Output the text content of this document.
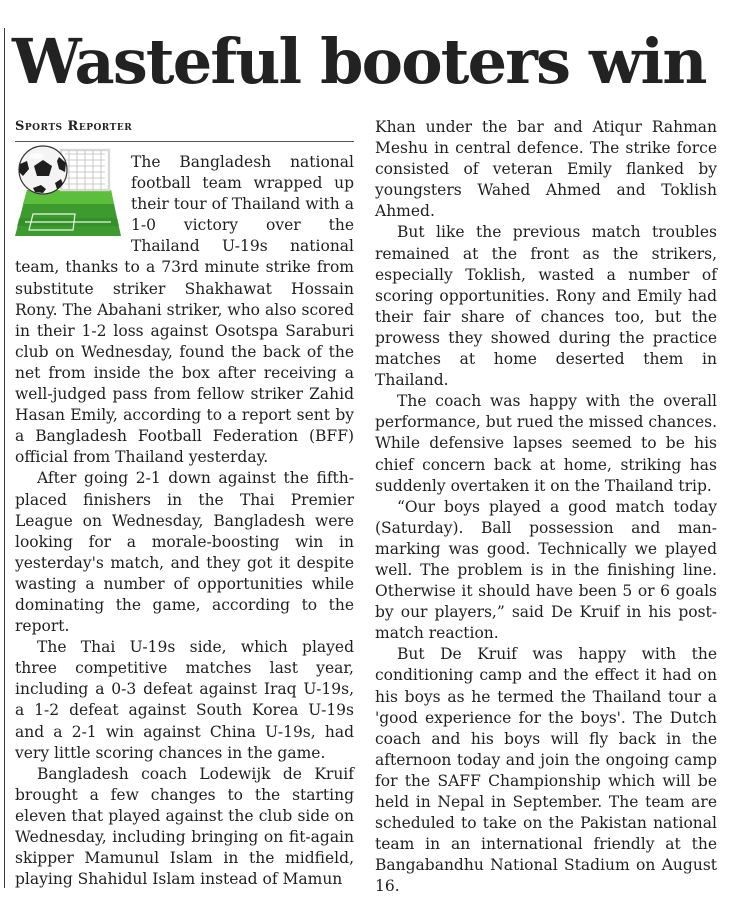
Wasteful booters win
Sports Reporter

The Bangladesh national football team wrapped up their tour of Thailand with a 1-0 victory over the Thailand U-19s national team, thanks to a 73rd minute strike from substitute striker Shakhawat Hossain Rony. The Abahani striker, who also scored in their 1-2 loss against Osotspa Saraburi club on Wednesday, found the back of the net from inside the box after receiving a well-judged pass from fellow striker Zahid Hasan Emily, according to a report sent by a Bangladesh Football Federation (BFF) official from Thailand yesterday.

After going 2-1 down against the fifth-placed finishers in the Thai Premier League on Wednesday, Bangladesh were looking for a morale-boosting win in yesterday's match, and they got it despite wasting a number of opportunities while dominating the game, according to the report.

The Thai U-19s side, which played three competitive matches last year, including a 0-3 defeat against Iraq U-19s, a 1-2 defeat against South Korea U-19s and a 2-1 win against China U-19s, had very little scoring chances in the game.

Bangladesh coach Lodewijk de Kruif brought a few changes to the starting eleven that played against the club side on Wednesday, including bringing on fit-again skipper Mamunul Islam in the midfield, playing Shahidul Islam instead of Mamun

Khan under the bar and Atiqur Rahman Meshu in central defence. The strike force consisted of veteran Emily flanked by youngsters Wahed Ahmed and Toklish Ahmed.

But like the previous match troubles remained at the front as the strikers, especially Toklish, wasted a number of scoring opportunities. Rony and Emily had their fair share of chances too, but the prowess they showed during the practice matches at home deserted them in Thailand.

The coach was happy with the overall performance, but rued the missed chances. While defensive lapses seemed to be his chief concern back at home, striking has suddenly overtaken it on the Thailand trip.

“Our boys played a good match today (Saturday). Ball possession and man-marking was good. Technically we played well. The problem is in the finishing line. Otherwise it should have been 5 or 6 goals by our players,” said De Kruif in his post-match reaction.

But De Kruif was happy with the conditioning camp and the effect it had on his boys as he termed the Thailand tour a 'good experience for the boys'. The Dutch coach and his boys will fly back in the afternoon today and join the ongoing camp for the SAFF Championship which will be held in Nepal in September. The team are scheduled to take on the Pakistan national team in an international friendly at the Bangabandhu National Stadium on August 16.
